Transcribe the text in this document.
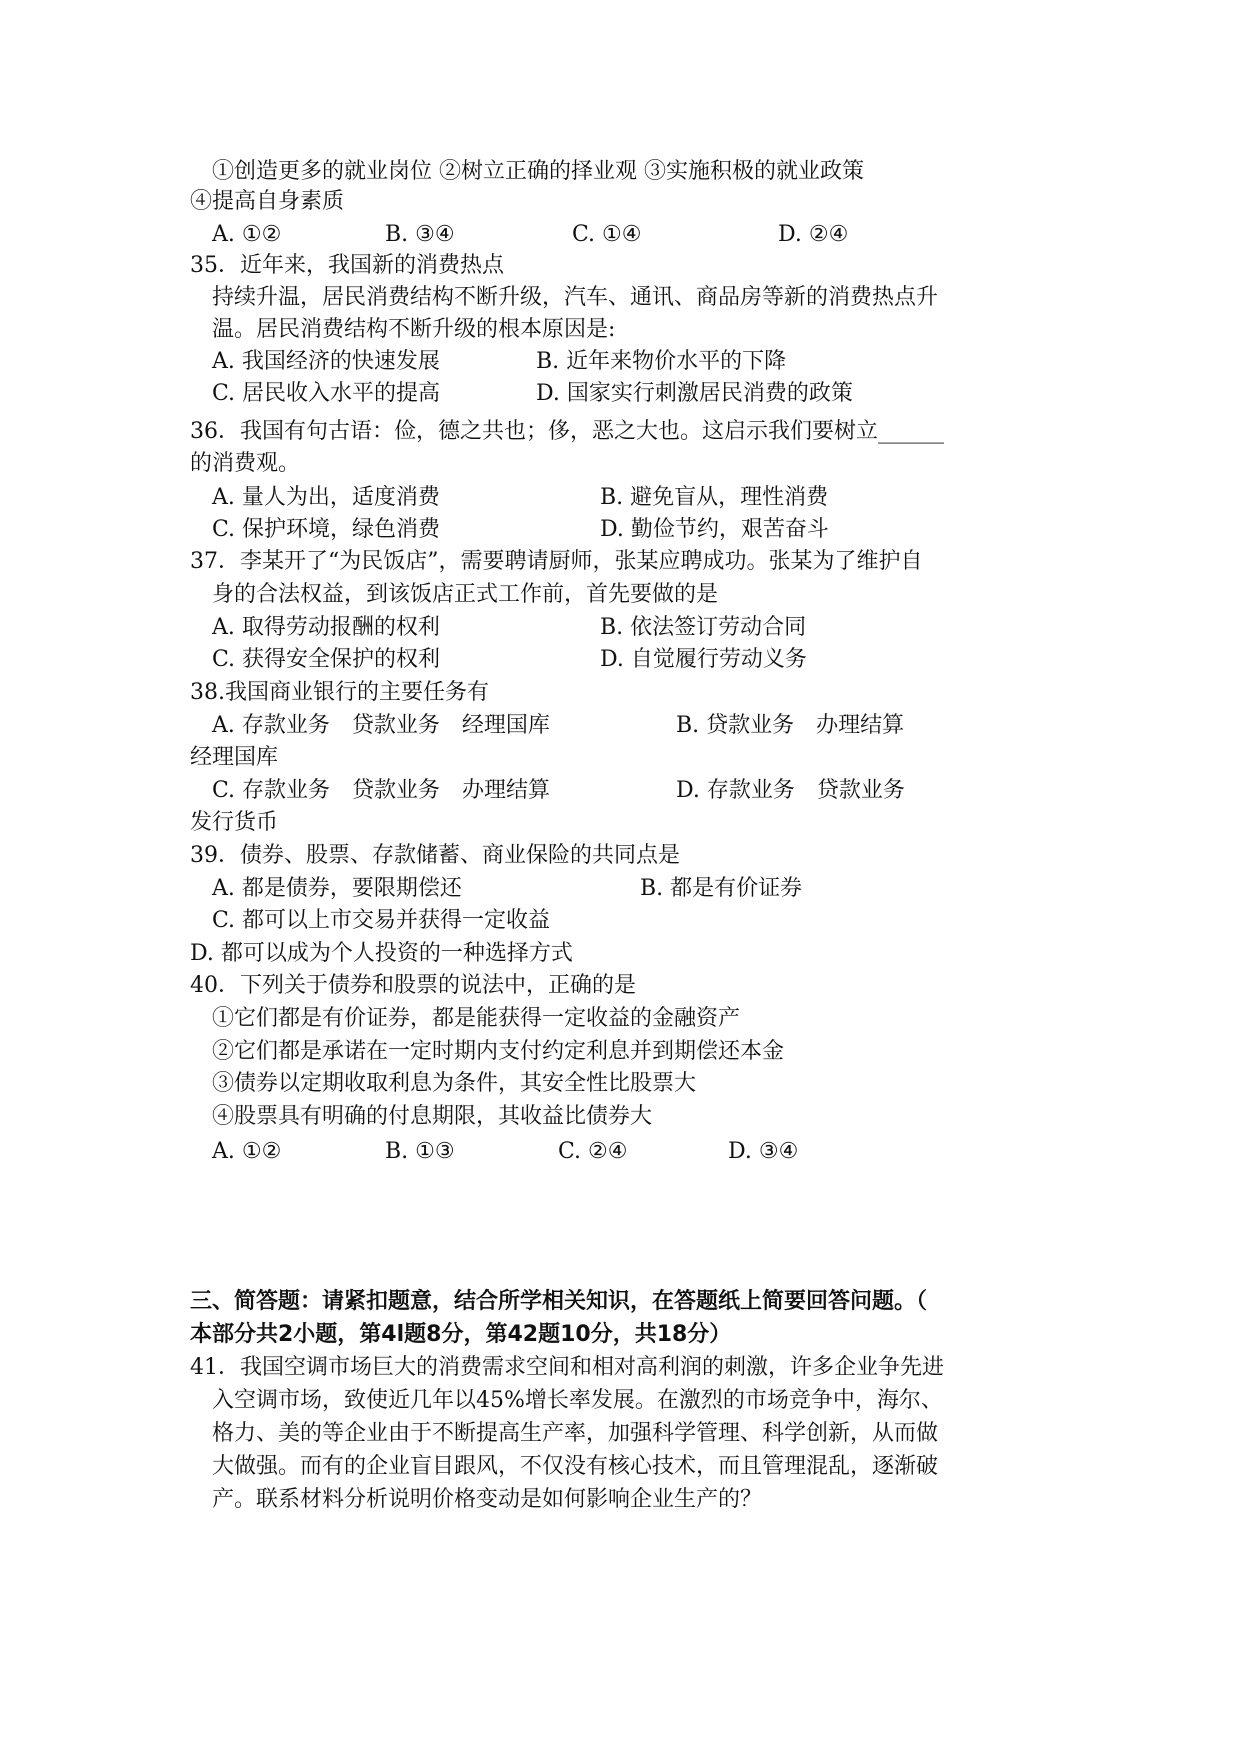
①创造更多的就业岗位 ②树立正确的择业观 ③实施积极的就业政策
④提高自身素质
A. ①②	B. ③④	C. ①④	D. ②④
35．近年来，我国新的消费热点
持续升温，居民消费结构不断升级，汽车、通讯、商品房等新的消费热点升
温。居民消费结构不断升级的根本原因是:
A. 我国经济的快速发展	B. 近年来物价水平的下降
C. 居民收入水平的提高	D. 国家实行刺激居民消费的政策
36．我国有句古语：俭，德之共也；侈，恶之大也。这启示我们要树立______
的消费观。
A. 量人为出，适度消费	B. 避免盲从，理性消费
C. 保护环境，绿色消费	D. 勤俭节约，艰苦奋斗
37．李某开了“为民饭店”，需要聘请厨师，张某应聘成功。张某为了维护自
身的合法权益，到该饭店正式工作前，首先要做的是
A. 取得劳动报酬的权利	B. 依法签订劳动合同
C. 获得安全保护的权利	D. 自觉履行劳动义务
38.我国商业银行的主要任务有
A. 存款业务　贷款业务　经理国库	B. 贷款业务　办理结算
经理国库
C. 存款业务　贷款业务　办理结算	D. 存款业务　贷款业务
发行货币
39．债券、股票、存款储蓄、商业保险的共同点是
A. 都是债券，要限期偿还	B. 都是有价证券
C. 都可以上市交易并获得一定收益
D. 都可以成为个人投资的一种选择方式
40．下列关于债券和股票的说法中，正确的是
①它们都是有价证券，都是能获得一定收益的金融资产
②它们都是承诺在一定时期内支付约定利息并到期偿还本金
③债券以定期收取利息为条件，其安全性比股票大
④股票具有明确的付息期限，其收益比债券大
A. ①②	B. ①③	C. ②④	D. ③④
三、简答题：请紧扣题意，结合所学相关知识，在答题纸上简要回答问题。（
本部分共2小题，第4l题8分，第42题10分，共18分）
41．我国空调市场巨大的消费需求空间和相对高利润的刺激，许多企业争先进
入空调市场，致使近几年以45%增长率发展。在激烈的市场竞争中，海尔、
格力、美的等企业由于不断提高生产率，加强科学管理、科学创新，从而做
大做强。而有的企业盲目跟风，不仅没有核心技术，而且管理混乱，逐渐破
产。联系材料分析说明价格变动是如何影响企业生产的？
